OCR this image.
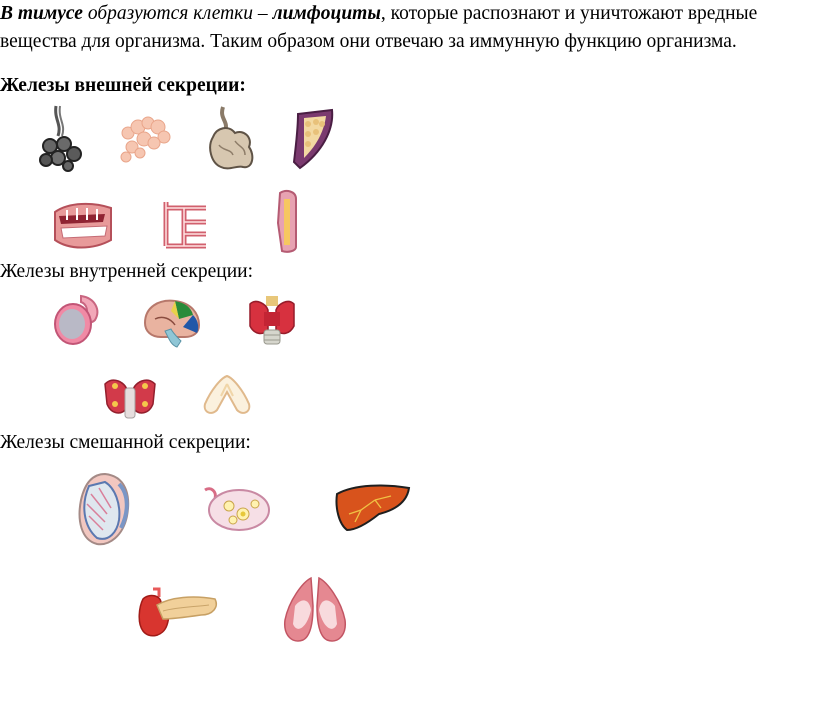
В тимусе образуются клетки – лимфоциты, которые распознают и уничтожают вредные вещества для организма. Таким образом они отвечаю за иммунную функцию организма.

Железы внешней секреции:

Железы внутренней секреции:

Железы смешанной секреции:
